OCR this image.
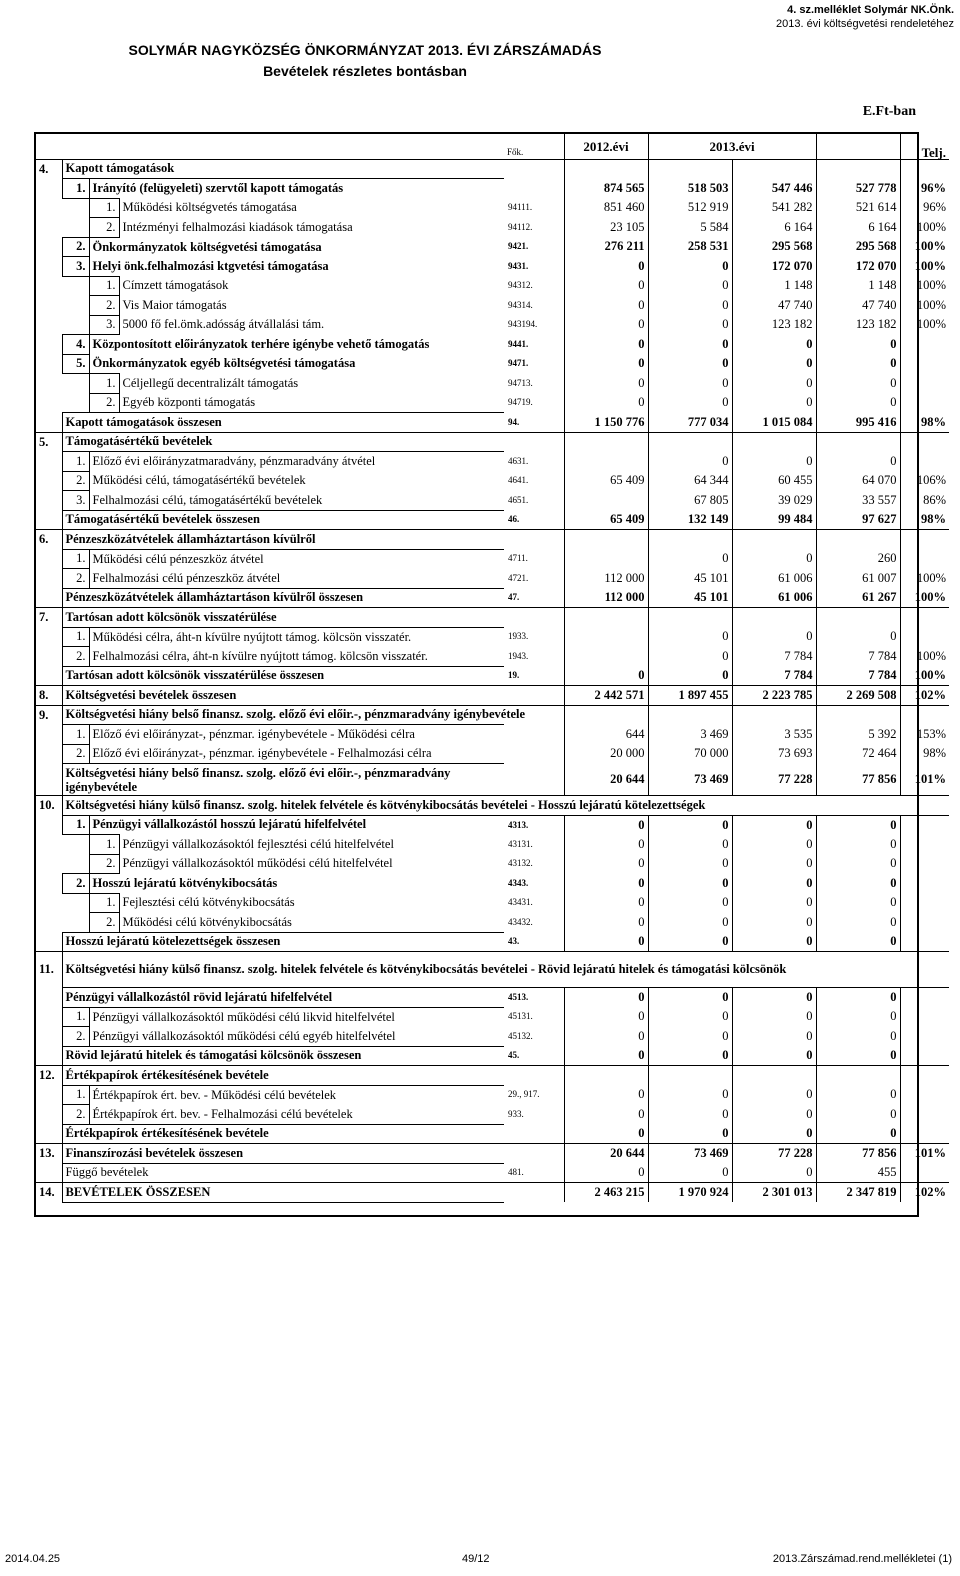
4. sz.melléklet Solymár NK.Önk.
2013. évi költségvetési rendeletéhez
SOLYMÁR NAGYKÖZSÉG ÖNKORMÁNYZAT 2013. ÉVI ZÁRSZÁMADÁS
Bevételek részletes bontásban
E.Ft-ban
				Fők.	2012.évi	2013.évi			Telj.
4.	Kapott támogatások								
	1.	Irányító (felügyeleti) szervtől kapott támogatás			874 565	518 503	547 446	527 778	96%
		1.	Működési költségvetés támogatása	94111.	851 460	512 919	541 282	521 614	96%
		2.	Intézményi felhalmozási kiadások támogatása	94112.	23 105	5 584	6 164	6 164	100%
	2.	Önkormányzatok költségvetési támogatása		9421.	276 211	258 531	295 568	295 568	100%
	3.	Helyi önk.felhalmozási ktgvetési támogatása		9431.	0	0	172 070	172 070	100%
		1.	Címzett támogatások	94312.	0	0	1 148	1 148	100%
		2.	Vis Maior támogatás	94314.	0	0	47 740	47 740	100%
		3.	5000 fő fel.ömk.adósság átvállalási tám.	943194.	0	0	123 182	123 182	100%
	4.	Központosított előirányzatok terhére igénybe vehető támogatás		9441.	0	0	0	0	
	5.	Önkormányzatok egyéb költségvetési támogatása		9471.	0	0	0	0	
		1.	Céljellegű decentralizált támogatás	94713.	0	0	0	0	
		2.	Egyéb központi támogatás	94719.	0	0	0	0	
	Kapott támogatások összesen			94.	1 150 776	777 034	1 015 084	995 416	98%
5.	Támogatásértékű bevételek								
	1.	Előző évi előirányzatmaradvány, pénzmaradvány átvétel		4631.		0	0	0	
	2.	Működési célú, támogatásértékű bevételek		4641.	65 409	64 344	60 455	64 070	106%
	3.	Felhalmozási célú, támogatásértékű bevételek		4651.		67 805	39 029	33 557	86%
	Támogatásértékű bevételek összesen			46.	65 409	132 149	99 484	97 627	98%
6.	Pénzeszközátvételek államháztartáson kívülről								
	1.	Működési célú pénzeszköz átvétel		4711.		0	0	260	
	2.	Felhalmozási célú pénzeszköz átvétel		4721.	112 000	45 101	61 006	61 007	100%
	Pénzeszközátvételek államháztartáson kívülről összesen			47.	112 000	45 101	61 006	61 267	100%
7.	Tartósan adott kölcsönök visszatérülése								
	1.	Működési célra, áht-n kívülre nyújtott támog. kölcsön visszatér.		1933.		0	0	0	
	2.	Felhalmozási célra, áht-n kívülre nyújtott támog. kölcsön visszatér.		1943.		0	7 784	7 784	100%
	Tartósan adott kölcsönök visszatérülése összesen			19.	0	0	7 784	7 784	100%
8.	Költségvetési bevételek összesen				2 442 571	1 897 455	2 223 785	2 269 508	102%
9.	Költségvetési hiány belső finansz. szolg. előző évi előir.-, pénzmaradvány igénybevétele								
	1.	Előző évi előirányzat-, pénzmar. igénybevétele - Működési célra			644	3 469	3 535	5 392	153%
	2.	Előző évi előirányzat-, pénzmar. igénybevétele - Felhalmozási célra			20 000	70 000	73 693	72 464	98%
	Költségvetési hiány belső finansz. szolg. előző évi előir.-, pénzmaradvány igénybevétele				20 644	73 469	77 228	77 856	101%
10.	Költségvetési hiány külső finansz. szolg. hitelek felvétele és kötvénykibocsátás bevételei - Hosszú lejáratú kötelezettségek								
	1.	Pénzügyi vállalkozástól hosszú lejáratú hifelfelvétel		4313.	0	0	0	0	
		1.	Pénzügyi vállalkozásoktól fejlesztési célú hitelfelvétel	43131.	0	0	0	0	
		2.	Pénzügyi vállalkozásoktól működési célú hitelfelvétel	43132.	0	0	0	0	
	2.	Hosszú lejáratú kötvénykibocsátás		4343.	0	0	0	0	
		1.	Fejlesztési célú kötvénykibocsátás	43431.	0	0	0	0	
		2.	Működési célú kötvénykibocsátás	43432.	0	0	0	0	
	Hosszú lejáratú kötelezettségek összesen			43.	0	0	0	0	
11.	Költségvetési hiány külső finansz. szolg. hitelek felvétele és kötvénykibocsátás bevételei - Rövid lejáratú hitelek és támogatási kölcsönök								
	Pénzügyi vállalkozástól rövid lejáratú hifelfelvétel			4513.	0	0	0	0	
	1.	Pénzügyi vállalkozásoktól működési célú likvid hitelfelvétel		45131.	0	0	0	0	
	2.	Pénzügyi vállalkozásoktól működési célú egyéb hitelfelvétel		45132.	0	0	0	0	
	Rövid lejáratú hitelek és támogatási kölcsönök összesen			45.	0	0	0	0	
12.	Értékpapírok értékesítésének bevétele								
	1.	Értékpapírok ért. bev. - Működési célú bevételek		29., 917.	0	0	0	0	
	2.	Értékpapírok ért. bev. - Felhalmozási célú bevételek		933.	0	0	0	0	
	Értékpapírok értékesítésének bevétele				0	0	0	0	
13.	Finanszírozási bevételek összesen				20 644	73 469	77 228	77 856	101%
	Függő bevételek			481.	0	0	0	455	
14.	BEVÉTELEK ÖSSZESEN				2 463 215	1 970 924	2 301 013	2 347 819	102%
2014.04.25	49/12	2013.Zárszámad.rend.mellékletei (1)
